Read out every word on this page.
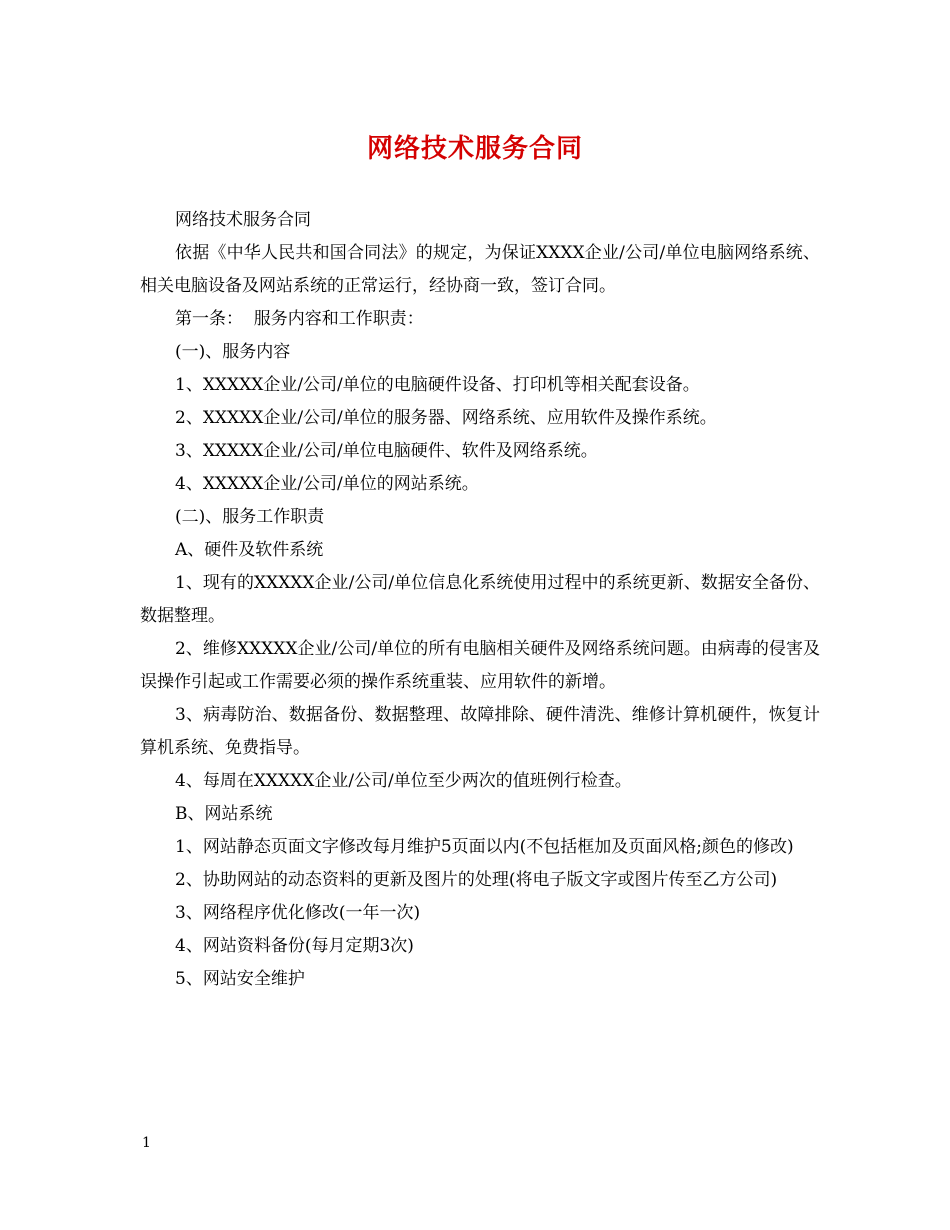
网络技术服务合同

网络技术服务合同

依据《中华人民共和国合同法》的规定，为保证XXXX企业/公司/单位电脑网络系统、相关电脑设备及网站系统的正常运行，经协商一致，签订合同。

第一条：  服务内容和工作职责：

(一)、服务内容

1、XXXXX企业/公司/单位的电脑硬件设备、打印机等相关配套设备。

2、XXXXX企业/公司/单位的服务器、网络系统、应用软件及操作系统。

3、XXXXX企业/公司/单位电脑硬件、软件及网络系统。

4、XXXXX企业/公司/单位的网站系统。

(二)、服务工作职责

A、硬件及软件系统

1、现有的XXXXX企业/公司/单位信息化系统使用过程中的系统更新、数据安全备份、数据整理。

2、维修XXXXX企业/公司/单位的所有电脑相关硬件及网络系统问题。由病毒的侵害及误操作引起或工作需要必须的操作系统重装、应用软件的新增。

3、病毒防治、数据备份、数据整理、故障排除、硬件清洗、维修计算机硬件，恢复计算机系统、免费指导。

4、每周在XXXXX企业/公司/单位至少两次的值班例行检查。

B、网站系统

1、网站静态页面文字修改每月维护5页面以内(不包括框加及页面风格;颜色的修改)

2、协助网站的动态资料的更新及图片的处理(将电子版文字或图片传至乙方公司)

3、网络程序优化修改(一年一次)

4、网站资料备份(每月定期3次)

5、网站安全维护

1
